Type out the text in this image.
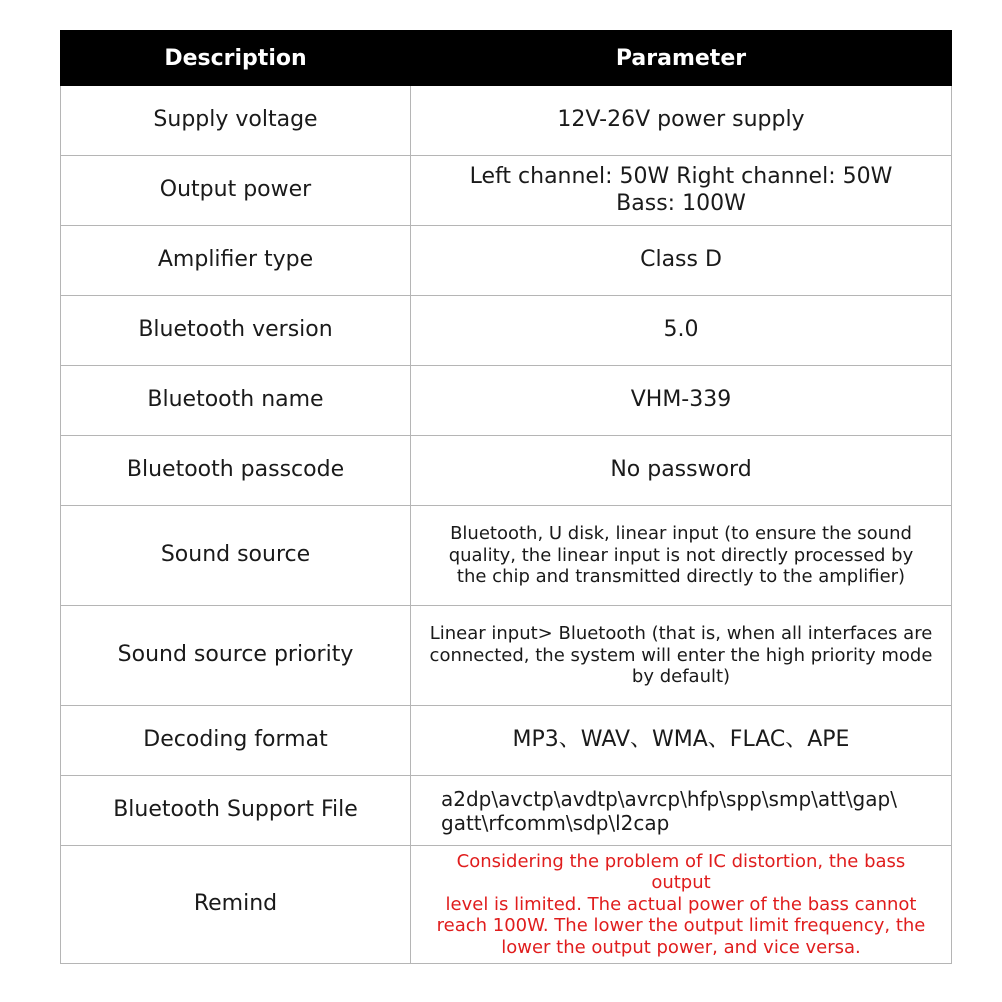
Description	Parameter
Supply voltage	12V-26V power supply
Output power	Left channel: 50W Right channel: 50W
Bass: 100W
Amplifier type	Class D
Bluetooth version	5.0
Bluetooth name	VHM-339
Bluetooth passcode	No password
Sound source	Bluetooth, U disk, linear input (to ensure the sound
quality, the linear input is not directly processed by
the chip and transmitted directly to the amplifier)
Sound source priority	Linear input> Bluetooth (that is, when all interfaces are
connected, the system will enter the high priority mode
by default)
Decoding format	MP3、WAV、WMA、FLAC、APE
Bluetooth Support File	a2dp\avctp\avdtp\avrcp\hfp\spp\smp\att\gap\
gatt\rfcomm\sdp\l2cap
Remind	Considering the problem of IC distortion, the bass output
level is limited. The actual power of the bass cannot
reach 100W. The lower the output limit frequency, the
lower the output power, and vice versa.
